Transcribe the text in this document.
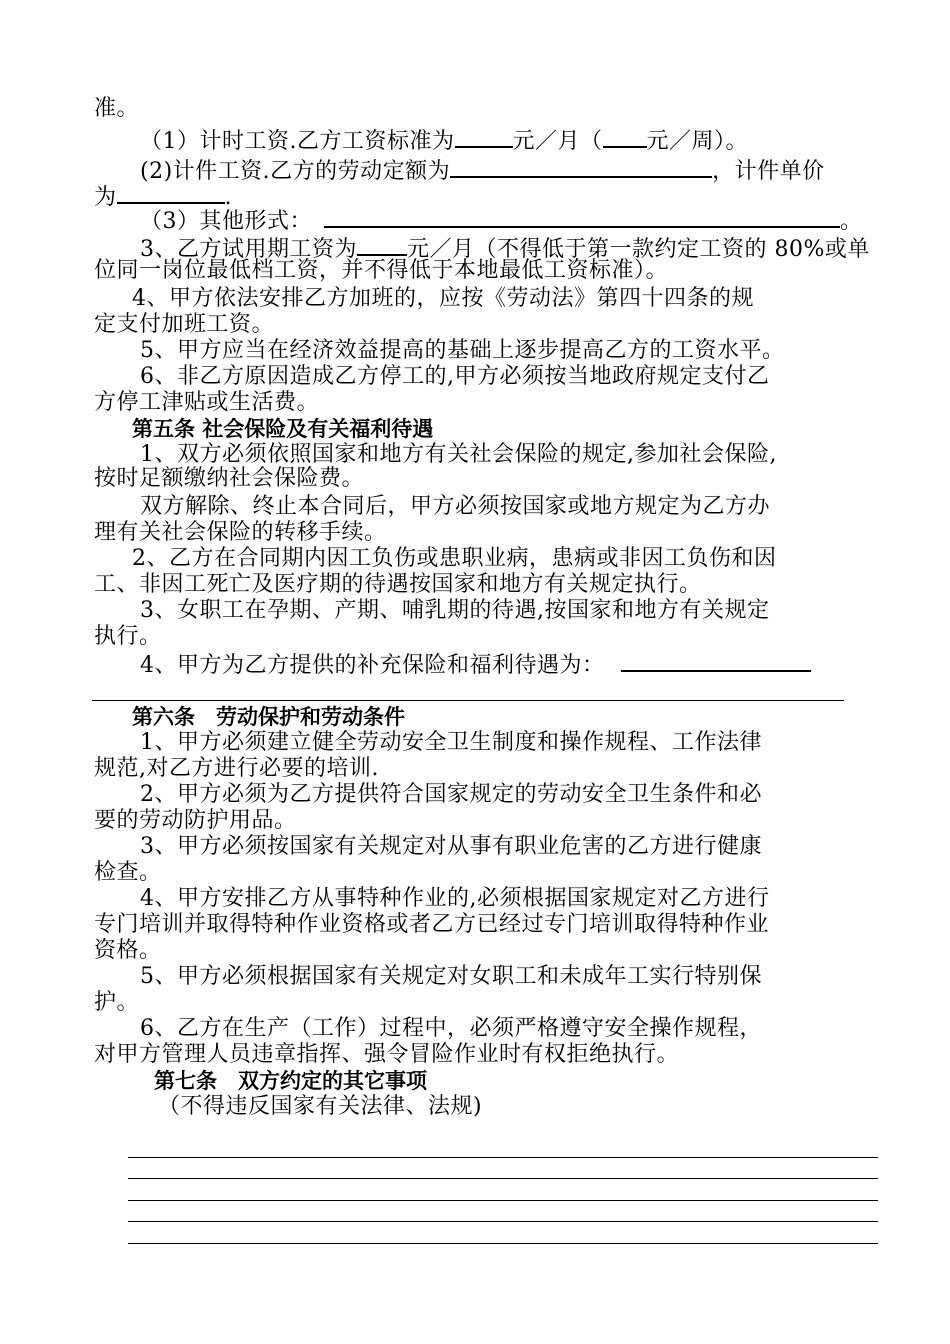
准。
（1）计时工资.乙方工资标准为	元／月（ 元／周）。
(2)计件工资.乙方的劳动定额为	，计件单价
为	.
（3）其他形式：	。
3、乙方试用期工资为 元／月（不得低于第一款约定工资的 80%或单
位同一岗位最低档工资，并不得低于本地最低工资标准）。
4、甲方依法安排乙方加班的，应按《劳动法》第四十四条的规
定支付加班工资。
5、甲方应当在经济效益提高的基础上逐步提高乙方的工资水平。
6、非乙方原因造成乙方停工的,甲方必须按当地政府规定支付乙
方停工津贴或生活费。
第五条 社会保险及有关福利待遇
1、双方必须依照国家和地方有关社会保险的规定,参加社会保险,
按时足额缴纳社会保险费。
双方解除、终止本合同后，甲方必须按国家或地方规定为乙方办
理有关社会保险的转移手续。
2、乙方在合同期内因工负伤或患职业病，患病或非因工负伤和因
工、非因工死亡及医疗期的待遇按国家和地方有关规定执行。
3、女职工在孕期、产期、哺乳期的待遇,按国家和地方有关规定
执行。
4、甲方为乙方提供的补充保险和福利待遇为：
第六条　劳动保护和劳动条件
1、甲方必须建立健全劳动安全卫生制度和操作规程、工作法律
规范,对乙方进行必要的培训.
2、甲方必须为乙方提供符合国家规定的劳动安全卫生条件和必
要的劳动防护用品。
3、甲方必须按国家有关规定对从事有职业危害的乙方进行健康
检查。
4、甲方安排乙方从事特种作业的,必须根据国家规定对乙方进行
专门培训并取得特种作业资格或者乙方已经过专门培训取得特种作业
资格。
5、甲方必须根据国家有关规定对女职工和未成年工实行特别保
护。
6、乙方在生产（工作）过程中，必须严格遵守安全操作规程，
对甲方管理人员违章指挥、强令冒险作业时有权拒绝执行。
第七条　双方约定的其它事项
（不得违反国家有关法律、法规)
